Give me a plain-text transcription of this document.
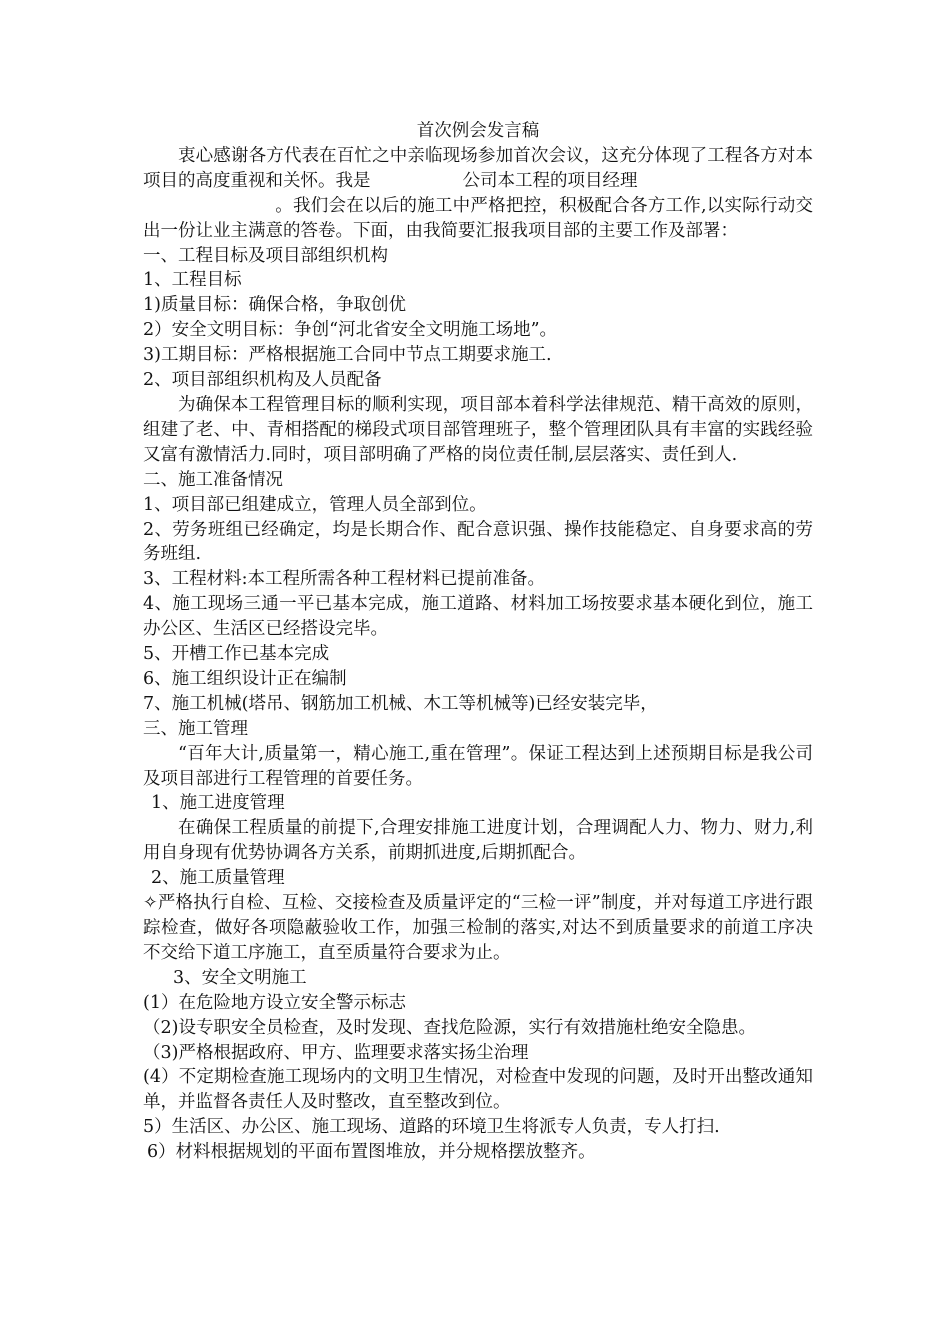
首次例会发言稿

衷心感谢各方代表在百忙之中亲临现场参加首次会议，这充分体现了工程各方对本项目的高度重视和关怀。我是	公司本工程的项目经理
。我们会在以后的施工中严格把控，积极配合各方工作,以实际行动交出一份让业主满意的答卷。下面，由我简要汇报我项目部的主要工作及部署：

一、工程目标及项目部组织机构

1、工程目标

1)质量目标：确保合格，争取创优

2）安全文明目标：争创“河北省安全文明施工场地”。

3)工期目标：严格根据施工合同中节点工期要求施工.

2、项目部组织机构及人员配备

为确保本工程管理目标的顺利实现，项目部本着科学法律规范、精干高效的原则，组建了老、中、青相搭配的梯段式项目部管理班子，整个管理团队具有丰富的实践经验又富有激情活力.同时，项目部明确了严格的岗位责任制,层层落实、责任到人.

二、施工准备情况

1、项目部已组建成立，管理人员全部到位。

2、劳务班组已经确定，均是长期合作、配合意识强、操作技能稳定、自身要求高的劳务班组.

3、工程材料:本工程所需各种工程材料已提前准备。

4、施工现场三通一平已基本完成，施工道路、材料加工场按要求基本硬化到位，施工办公区、生活区已经搭设完毕。

5、开槽工作已基本完成

6、施工组织设计正在编制

7、施工机械(塔吊、钢筋加工机械、木工等机械等)已经安装完毕，

三、施工管理

“百年大计,质量第一，精心施工,重在管理”。保证工程达到上述预期目标是我公司及项目部进行工程管理的首要任务。

1、施工进度管理

在确保工程质量的前提下,合理安排施工进度计划，合理调配人力、物力、财力,利用自身现有优势协调各方关系，前期抓进度,后期抓配合。

2、施工质量管理

✧严格执行自检、互检、交接检查及质量评定的“三检一评”制度，并对每道工序进行跟踪检查，做好各项隐蔽验收工作，加强三检制的落实,对达不到质量要求的前道工序决不交给下道工序施工，直至质量符合要求为止。

3、安全文明施工

(1）在危险地方设立安全警示标志

（2)设专职安全员检查，及时发现、查找危险源，实行有效措施杜绝安全隐患。

（3)严格根据政府、甲方、监理要求落实扬尘治理

(4）不定期检查施工现场内的文明卫生情况，对检查中发现的问题，及时开出整改通知单，并监督各责任人及时整改，直至整改到位。

5）生活区、办公区、施工现场、道路的环境卫生将派专人负责，专人打扫.

6）材料根据规划的平面布置图堆放，并分规格摆放整齐。
